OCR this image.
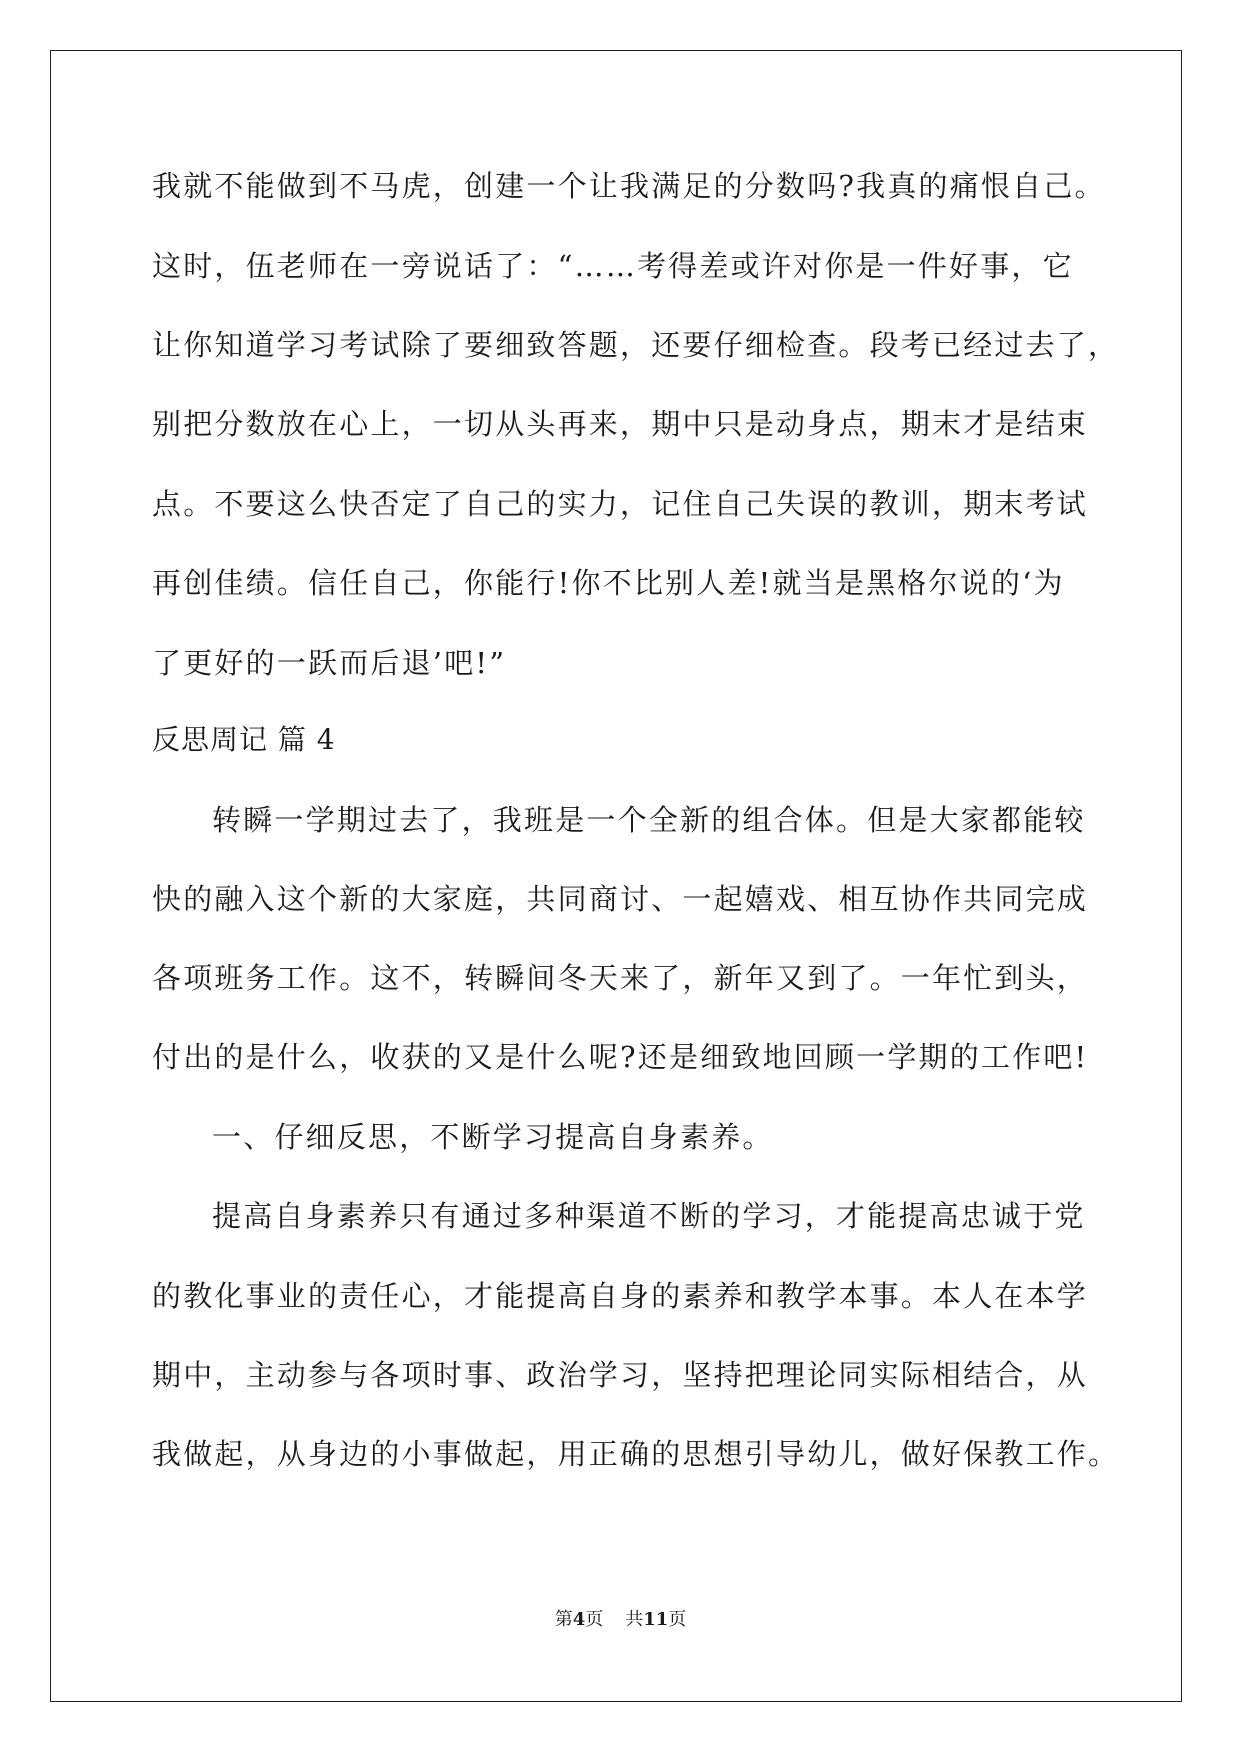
我就不能做到不马虎，创建一个让我满足的分数吗?我真的痛恨自己。
这时，伍老师在一旁说话了：“……考得差或许对你是一件好事，它
让你知道学习考试除了要细致答题，还要仔细检查。段考已经过去了，
别把分数放在心上，一切从头再来，期中只是动身点，期末才是结束
点。不要这么快否定了自己的实力，记住自己失误的教训，期末考试
再创佳绩。信任自己，你能行!你不比别人差!就当是黑格尔说的‘为
了更好的一跃而后退’吧!”
反思周记 篇 4
转瞬一学期过去了，我班是一个全新的组合体。但是大家都能较
快的融入这个新的大家庭，共同商讨、一起嬉戏、相互协作共同完成
各项班务工作。这不，转瞬间冬天来了，新年又到了。一年忙到头，
付出的是什么，收获的又是什么呢?还是细致地回顾一学期的工作吧!
一、仔细反思，不断学习提高自身素养。
提高自身素养只有通过多种渠道不断的学习，才能提高忠诚于党
的教化事业的责任心，才能提高自身的素养和教学本事。本人在本学
期中，主动参与各项时事、政治学习，坚持把理论同实际相结合，从
我做起，从身边的小事做起，用正确的思想引导幼儿，做好保教工作。
第4页 共11页
